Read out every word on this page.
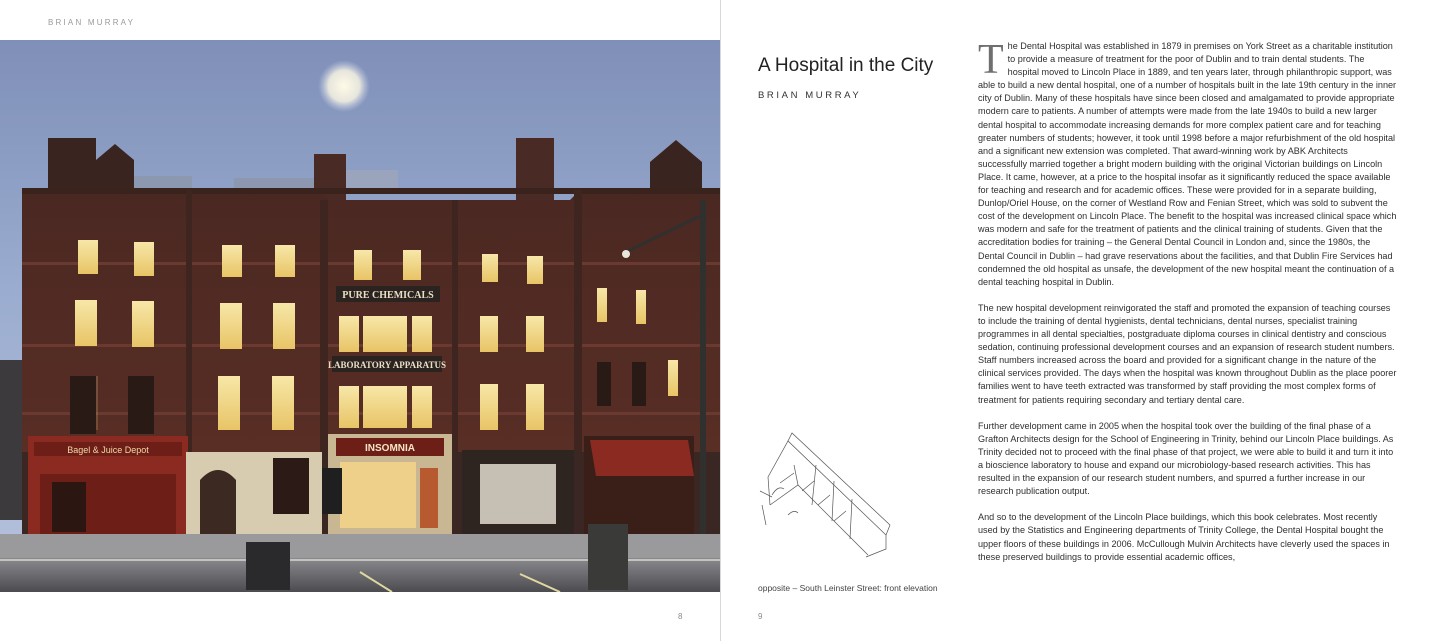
BRIAN MURRAY
PURE CHEMICALS
LABORATORY APPARATUS
Bagel & Juice Depot	INSOMNIA
8
A Hospital in the City
BRIAN MURRAY
opposite – South Leinster Street: front elevation

The Dental Hospital was established in 1879 in premises on York Street as a charitable institution to provide a measure of treatment for the poor of Dublin and to train dental students. The hospital moved to Lincoln Place in 1889, and ten years later, through philanthropic support, was able to build a new dental hospital, one of a number of hospitals built in the late 19th century in the inner city of Dublin. Many of these hospitals have since been closed and amalgamated to provide appropriate modern care to patients. A number of attempts were made from the late 1940s to build a new larger dental hospital to accommodate increasing demands for more complex patient care and for teaching greater numbers of students; however, it took until 1998 before a major refurbishment of the old hospital and a significant new extension was completed. That award-winning work by ABK Architects successfully married together a bright modern building with the original Victorian buildings on Lincoln Place. It came, however, at a price to the hospital insofar as it significantly reduced the space available for teaching and research and for academic offices. These were provided for in a separate building, Dunlop/Oriel House, on the corner of Westland Row and Fenian Street, which was sold to subvent the cost of the development on Lincoln Place. The benefit to the hospital was increased clinical space which was modern and safe for the treatment of patients and the clinical training of students. Given that the accreditation bodies for training – the General Dental Council in London and, since the 1980s, the Dental Council in Dublin – had grave reservations about the facilities, and that Dublin Fire Services had condemned the old hospital as unsafe, the development of the new hospital meant the continuation of a dental teaching hospital in Dublin.

The new hospital development reinvigorated the staff and promoted the expansion of teaching courses to include the training of dental hygienists, dental technicians, dental nurses, specialist training programmes in all dental specialties, postgraduate diploma courses in clinical dentistry and conscious sedation, continuing professional development courses and an expansion of research student numbers. Staff numbers increased across the board and provided for a significant change in the nature of the clinical services provided. The days when the hospital was known throughout Dublin as the place poorer families went to have teeth extracted was transformed by staff providing the most complex forms of treatment for patients requiring secondary and tertiary dental care.

Further development came in 2005 when the hospital took over the building of the final phase of a Grafton Architects design for the School of Engineering in Trinity, behind our Lincoln Place buildings. As Trinity decided not to proceed with the final phase of that project, we were able to build it and turn it into a bioscience laboratory to house and expand our microbiology-based research activities. This has resulted in the expansion of our research student numbers, and spurred a further increase in our research publication output.

And so to the development of the Lincoln Place buildings, which this book celebrates. Most recently used by the Statistics and Engineering departments of Trinity College, the Dental Hospital bought the upper floors of these buildings in 2006. McCullough Mulvin Architects have cleverly used the spaces in these preserved buildings to provide essential academic offices,

9
